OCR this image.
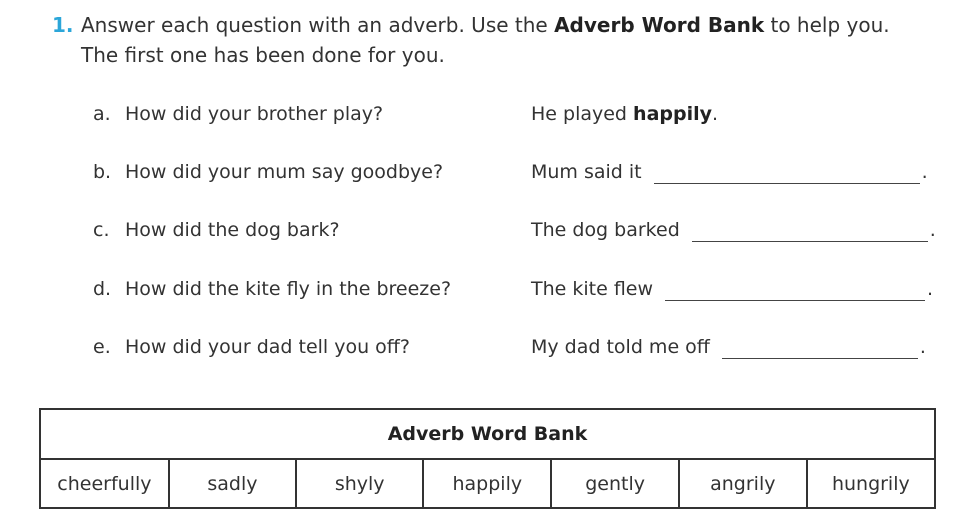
1. Answer each question with an adverb. Use the Adverb Word Bank to help you.
The first one has been done for you.
a. How did your brother play?	He played happily .
b. How did your mum say goodbye?	Mum said it	.
c. How did the dog bark?	The dog barked	.
d. How did the kite fly in the breeze?	The kite flew	.
e. How did your dad tell you off?	My dad told me off	.
Adverb Word Bank
cheerfully	sadly	shyly	happily	gently	angrily	hungrily
